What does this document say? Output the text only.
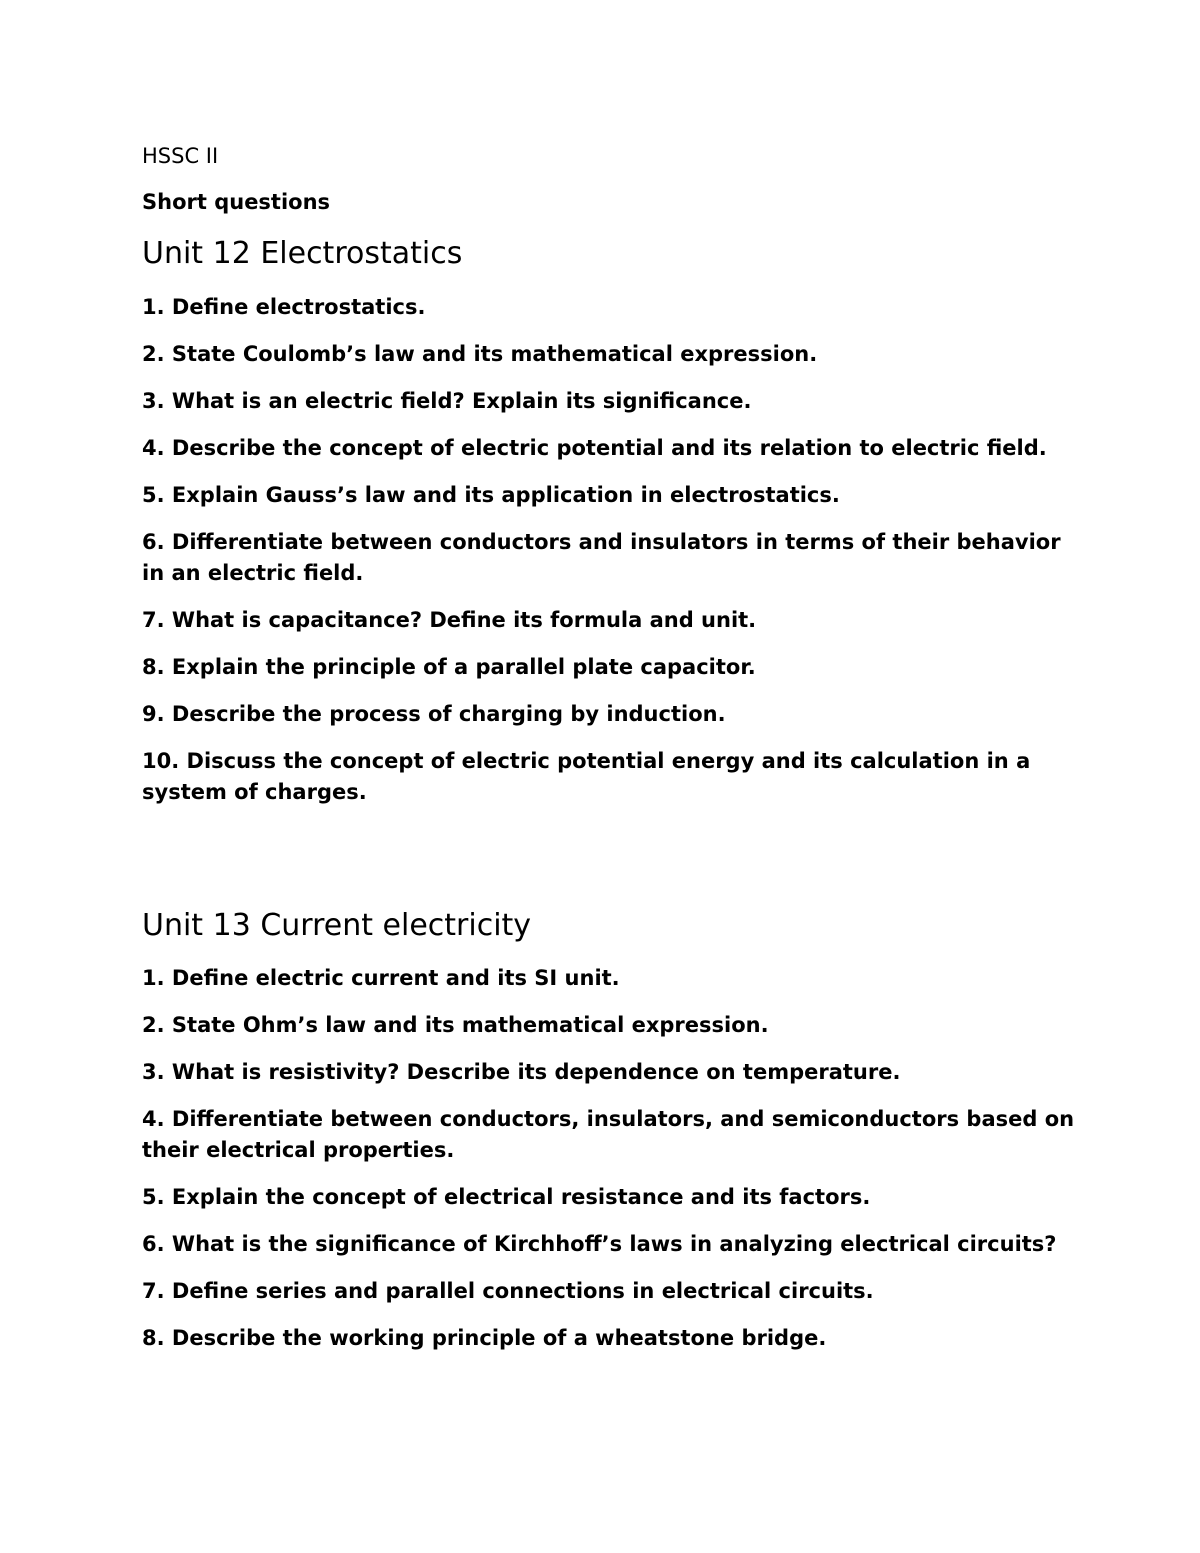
HSSC II

Short questions

Unit 12 Electrostatics
1. Define electrostatics.
2. State Coulomb’s law and its mathematical expression.
3. What is an electric field? Explain its significance.
4. Describe the concept of electric potential and its relation to electric field.
5. Explain Gauss’s law and its application in electrostatics.
6. Differentiate between conductors and insulators in terms of their behavior in an electric field.
7. What is capacitance? Define its formula and unit.
8. Explain the principle of a parallel plate capacitor.
9. Describe the process of charging by induction.
10. Discuss the concept of electric potential energy and its calculation in a system of charges.
Unit 13 Current electricity
1. Define electric current and its SI unit.
2. State Ohm’s law and its mathematical expression.
3. What is resistivity? Describe its dependence on temperature.
4. Differentiate between conductors, insulators, and semiconductors based on their electrical properties.
5. Explain the concept of electrical resistance and its factors.
6. What is the significance of Kirchhoff’s laws in analyzing electrical circuits?
7. Define series and parallel connections in electrical circuits.
8. Describe the working principle of a wheatstone bridge.
